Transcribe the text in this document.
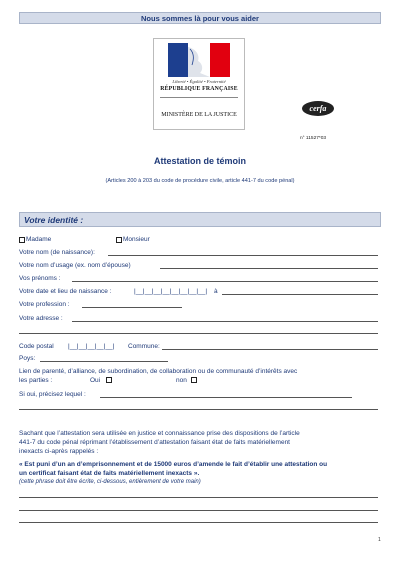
Nous sommes là pour vous aider
Liberté • Égalité • Fraternité
RÉPUBLIQUE FRANÇAISE
MINISTÈRE DE LA JUSTICE
cerfa
n° 11527*03
Attestation de témoin
(Articles 200 à 203 du code de procédure civile, article 441-7 du code pénal)
Votre identité :
Madame	Monsieur
Votre nom (de naissance):
Votre nom d’usage (ex. nom d’épouse)
Vos prénoms :
Votre date et lieu de naissance :	|__|__|__|__|__|__|__|__| à
Votre profession :
Votre adresse :
Code postal |__|__|__|__|__| Commune:
Poys:
Lien de parenté, d’alliance, de subordination, de collaboration ou de communauté d’intérêts avec
les parties :	Oui	non
Si oui, précisez lequel :
Sachant que l’attestation sera utilisée en justice et connaissance prise des dispositions de l’article
441-7 du code pénal réprimant l’établissement d’attestation faisant état de faits matériellement
inexacts ci-après rappelés :
« Est puni d’un an d’emprisonnement et de 15000 euros d’amende le fait d’établir une attestation ou
un certificat faisant état de faits matériellement inexacts ».
(cette phrase doit être écrite, ci-dessous, entièrement de votre main)
1
